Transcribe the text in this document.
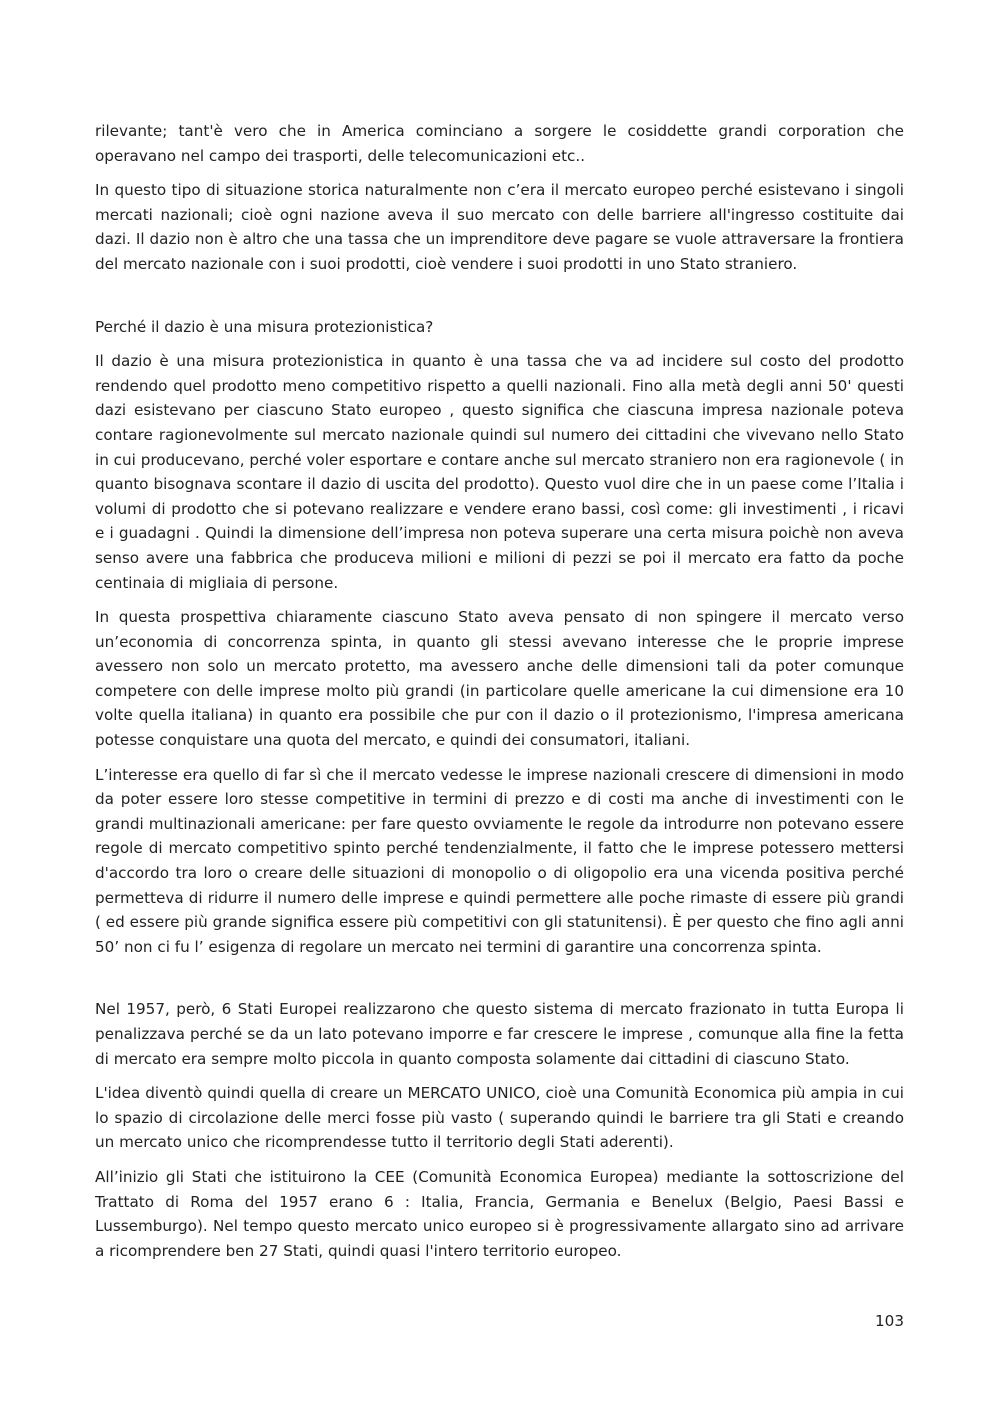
rilevante; tant'è vero che in America cominciano a sorgere le cosiddette grandi corporation che operavano nel campo dei trasporti, delle telecomunicazioni etc..

In questo tipo di situazione storica naturalmente non c’era il mercato europeo perché esistevano i singoli mercati nazionali; cioè ogni nazione aveva il suo mercato con delle barriere all'ingresso costituite dai dazi. Il dazio non è altro che una tassa che un imprenditore deve pagare se vuole attraversare la frontiera del mercato nazionale con i suoi prodotti, cioè vendere i suoi prodotti in uno Stato straniero.

Perché il dazio è una misura protezionistica?

Il dazio è una misura protezionistica in quanto è una tassa che va ad incidere sul costo del prodotto rendendo quel prodotto meno competitivo rispetto a quelli nazionali. Fino alla metà degli anni 50' questi dazi esistevano per ciascuno Stato europeo , questo significa che ciascuna impresa nazionale poteva contare ragionevolmente sul mercato nazionale quindi sul numero dei cittadini che vivevano nello Stato in cui producevano, perché voler esportare e contare anche sul mercato straniero non era ragionevole ( in quanto bisognava scontare il dazio di uscita del prodotto). Questo vuol dire che in un paese come l’Italia i volumi di prodotto che si potevano realizzare e vendere erano bassi, così come: gli investimenti , i ricavi e i guadagni . Quindi la dimensione dell’impresa non poteva superare una certa misura poichè non aveva senso avere una fabbrica che produceva milioni e milioni di pezzi se poi il mercato era fatto da poche centinaia di migliaia di persone.

In questa prospettiva chiaramente ciascuno Stato aveva pensato di non spingere il mercato verso un’economia di concorrenza spinta, in quanto gli stessi avevano interesse che le proprie imprese avessero non solo un mercato protetto, ma avessero anche delle dimensioni tali da poter comunque competere con delle imprese molto più grandi (in particolare quelle americane la cui dimensione era 10 volte quella italiana) in quanto era possibile che pur con il dazio o il protezionismo, l'impresa americana potesse conquistare una quota del mercato, e quindi dei consumatori, italiani.

L’interesse era quello di far sì che il mercato vedesse le imprese nazionali crescere di dimensioni in modo da poter essere loro stesse competitive in termini di prezzo e di costi ma anche di investimenti con le grandi multinazionali americane: per fare questo ovviamente le regole da introdurre non potevano essere regole di mercato competitivo spinto perché tendenzialmente, il fatto che le imprese potessero mettersi d'accordo tra loro o creare delle situazioni di monopolio o di oligopolio era una vicenda positiva perché permetteva di ridurre il numero delle imprese e quindi permettere alle poche rimaste di essere più grandi ( ed essere più grande significa essere più competitivi con gli statunitensi). È per questo che fino agli anni 50’ non ci fu l’ esigenza di regolare un mercato nei termini di garantire una concorrenza spinta.

Nel 1957, però, 6 Stati Europei realizzarono che questo sistema di mercato frazionato in tutta Europa li penalizzava perché se da un lato potevano imporre e far crescere le imprese , comunque alla fine la fetta di mercato era sempre molto piccola in quanto composta solamente dai cittadini di ciascuno Stato.

L'idea diventò quindi quella di creare un MERCATO UNICO, cioè una Comunità Economica più ampia in cui lo spazio di circolazione delle merci fosse più vasto ( superando quindi le barriere tra gli Stati e creando un mercato unico che ricomprendesse tutto il territorio degli Stati aderenti).

All’inizio gli Stati che istituirono la CEE (Comunità Economica Europea) mediante la sottoscrizione del Trattato di Roma del 1957 erano 6 : Italia, Francia, Germania e Benelux (Belgio, Paesi Bassi e Lussemburgo). Nel tempo questo mercato unico europeo si è progressivamente allargato sino ad arrivare a ricomprendere ben 27 Stati, quindi quasi l'intero territorio europeo.

103
